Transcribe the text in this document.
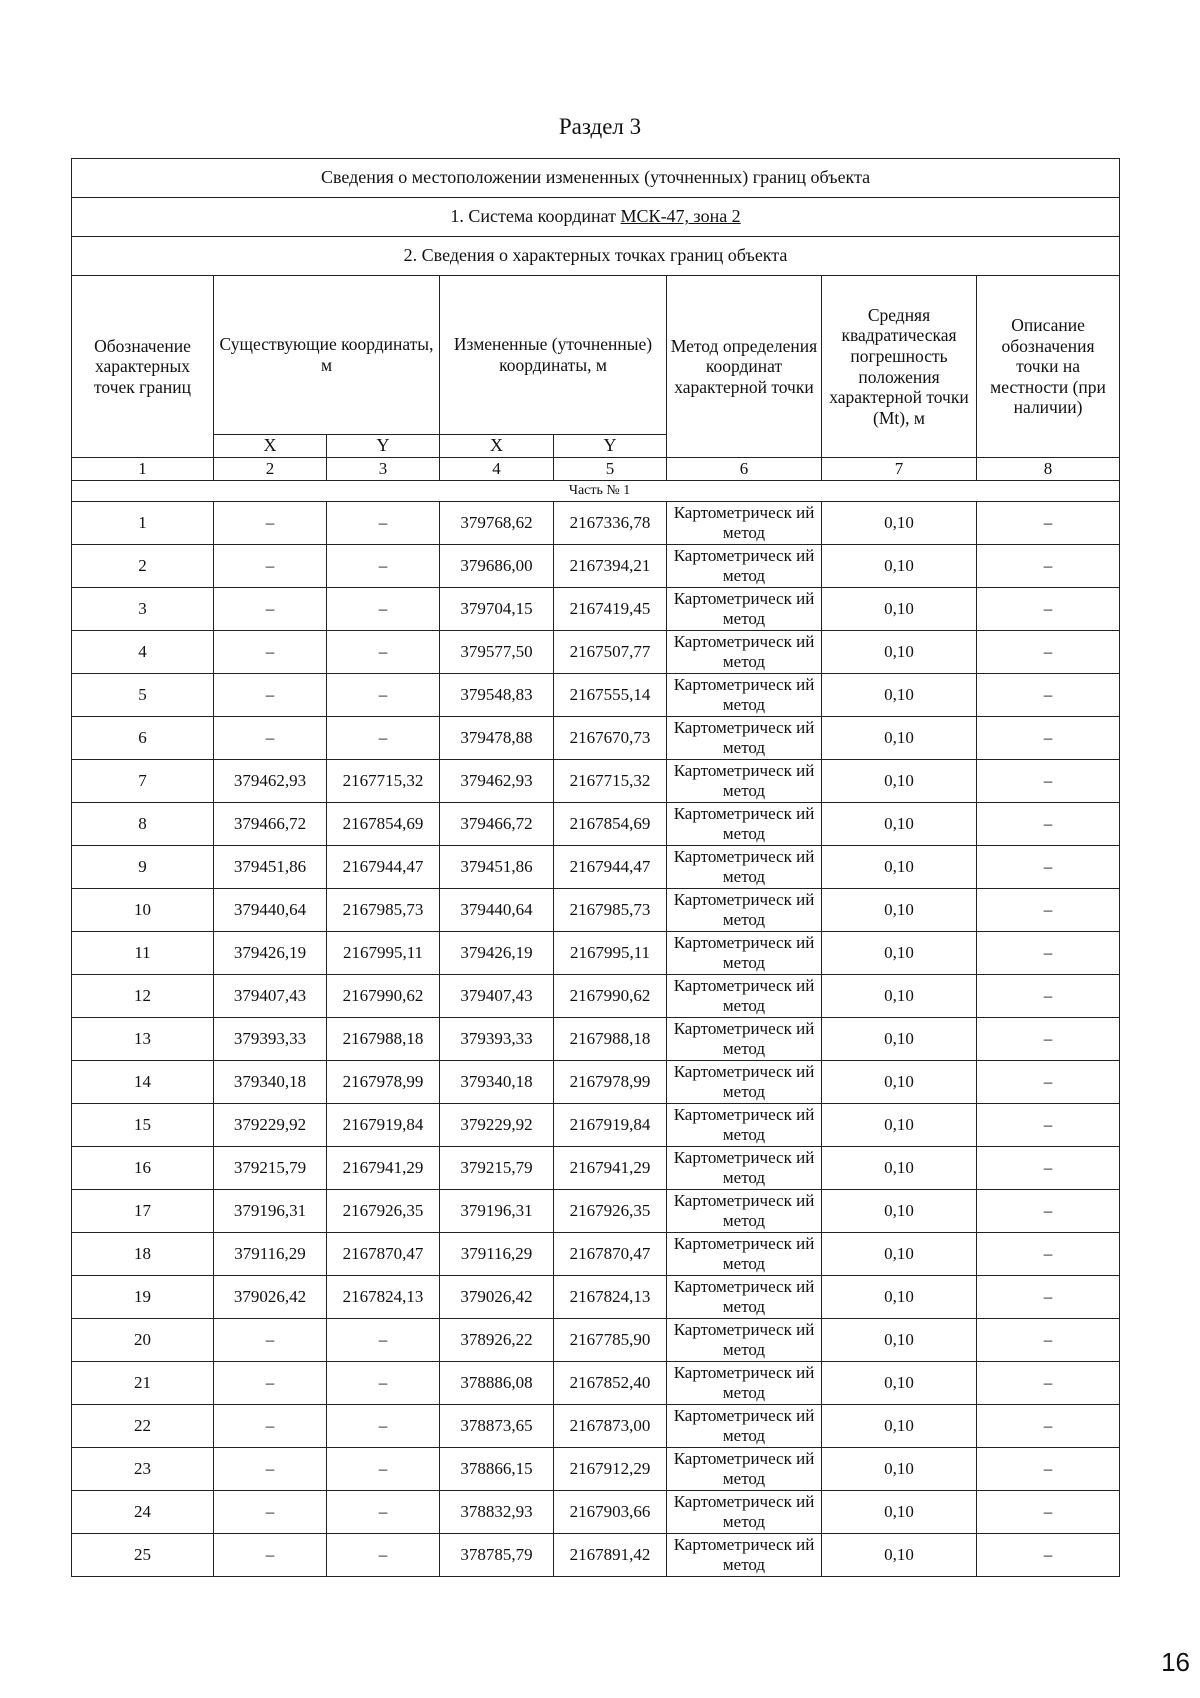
Раздел 3
Сведения о местоположении измененных (уточненных) границ объекта							
1. Система координат МСК-47, зона 2							
2. Сведения о характерных точках границ объекта							
Обозначение характерных точек границ	Существующие координаты, м		Измененные (уточненные) координаты, м		Метод определения координат характерной точки	Средняя квадратическая погрешность положения характерной точки (Mt), м	Описание обозначения точки на местности (при наличии)
	X	Y	X	Y			
1	2	3	4	5	6	7	8
Часть № 1							
1	–	–	379768,62	2167336,78	Картометрическ ий метод	0,10	–
2	–	–	379686,00	2167394,21	Картометрическ ий метод	0,10	–
3	–	–	379704,15	2167419,45	Картометрическ ий метод	0,10	–
4	–	–	379577,50	2167507,77	Картометрическ ий метод	0,10	–
5	–	–	379548,83	2167555,14	Картометрическ ий метод	0,10	–
6	–	–	379478,88	2167670,73	Картометрическ ий метод	0,10	–
7	379462,93	2167715,32	379462,93	2167715,32	Картометрическ ий метод	0,10	–
8	379466,72	2167854,69	379466,72	2167854,69	Картометрическ ий метод	0,10	–
9	379451,86	2167944,47	379451,86	2167944,47	Картометрическ ий метод	0,10	–
10	379440,64	2167985,73	379440,64	2167985,73	Картометрическ ий метод	0,10	–
11	379426,19	2167995,11	379426,19	2167995,11	Картометрическ ий метод	0,10	–
12	379407,43	2167990,62	379407,43	2167990,62	Картометрическ ий метод	0,10	–
13	379393,33	2167988,18	379393,33	2167988,18	Картометрическ ий метод	0,10	–
14	379340,18	2167978,99	379340,18	2167978,99	Картометрическ ий метод	0,10	–
15	379229,92	2167919,84	379229,92	2167919,84	Картометрическ ий метод	0,10	–
16	379215,79	2167941,29	379215,79	2167941,29	Картометрическ ий метод	0,10	–
17	379196,31	2167926,35	379196,31	2167926,35	Картометрическ ий метод	0,10	–
18	379116,29	2167870,47	379116,29	2167870,47	Картометрическ ий метод	0,10	–
19	379026,42	2167824,13	379026,42	2167824,13	Картометрическ ий метод	0,10	–
20	–	–	378926,22	2167785,90	Картометрическ ий метод	0,10	–
21	–	–	378886,08	2167852,40	Картометрическ ий метод	0,10	–
22	–	–	378873,65	2167873,00	Картометрическ ий метод	0,10	–
23	–	–	378866,15	2167912,29	Картометрическ ий метод	0,10	–
24	–	–	378832,93	2167903,66	Картометрическ ий метод	0,10	–
25	–	–	378785,79	2167891,42	Картометрическ ий метод	0,10	–
16
